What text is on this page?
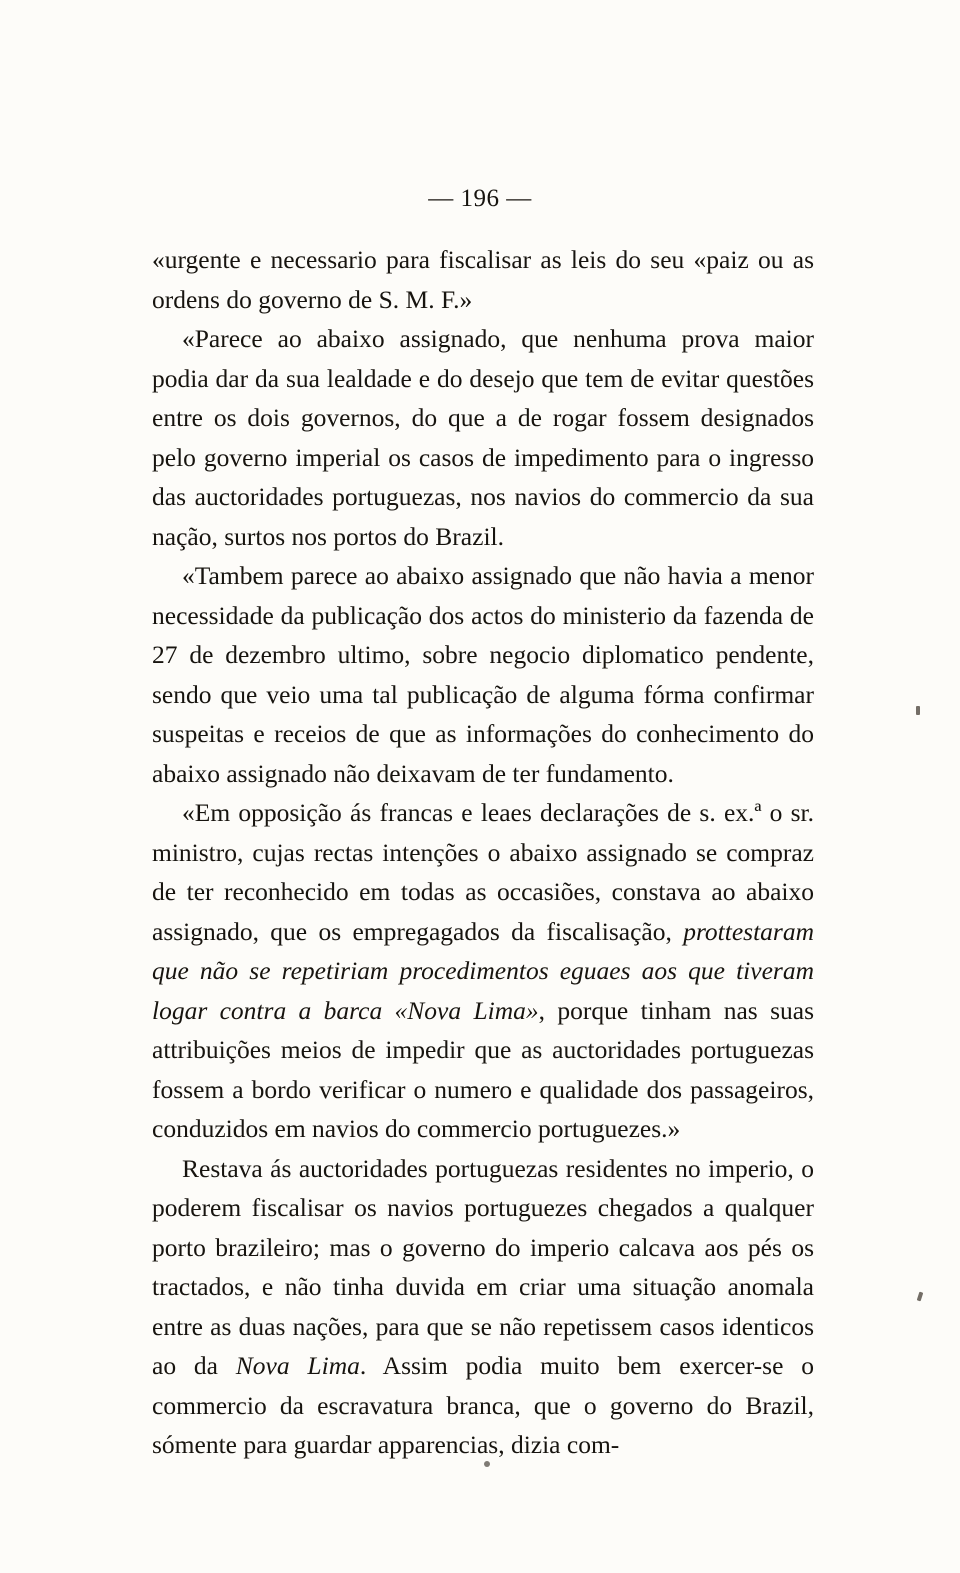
— 196 —

«urgente e necessario para fiscalisar as leis do seu «paiz ou as ordens do governo de S. M. F.»

«Parece ao abaixo assignado, que nenhuma prova maior podia dar da sua lealdade e do desejo que tem de evitar questões entre os dois governos, do que a de rogar fossem designados pelo governo imperial os casos de impedimento para o ingresso das auctoridades portuguezas, nos navios do commercio da sua nação, surtos nos portos do Brazil.

«Tambem parece ao abaixo assignado que não havia a menor necessidade da publicação dos actos do ministerio da fazenda de 27 de dezembro ultimo, sobre negocio diplomatico pendente, sendo que veio uma tal publicação de alguma fórma confirmar suspeitas e receios de que as informações do conhecimento do abaixo assignado não deixavam de ter fundamento.

«Em opposição ás francas e leaes declarações de s. ex.ª o sr. ministro, cujas rectas intenções o abaixo assignado se compraz de ter reconhecido em todas as occasiões, constava ao abaixo assignado, que os empregagados da fiscalisação, prottestaram que não se repetiriam procedimentos eguaes aos que tiveram logar contra a barca «Nova Lima», porque tinham nas suas attribuições meios de impedir que as auctoridades portuguezas fossem a bordo verificar o numero e qualidade dos passageiros, conduzidos em navios do commercio portuguezes.»

Restava ás auctoridades portuguezas residentes no imperio, o poderem fiscalisar os navios portuguezes chegados a qualquer porto brazileiro; mas o governo do imperio calcava aos pés os tractados, e não tinha duvida em criar uma situação anomala entre as duas nações, para que se não repetissem casos identicos ao da Nova Lima. Assim podia muito bem exercer-se o commercio da escravatura branca, que o governo do Brazil, sómente para guardar apparencias, dizia com-
